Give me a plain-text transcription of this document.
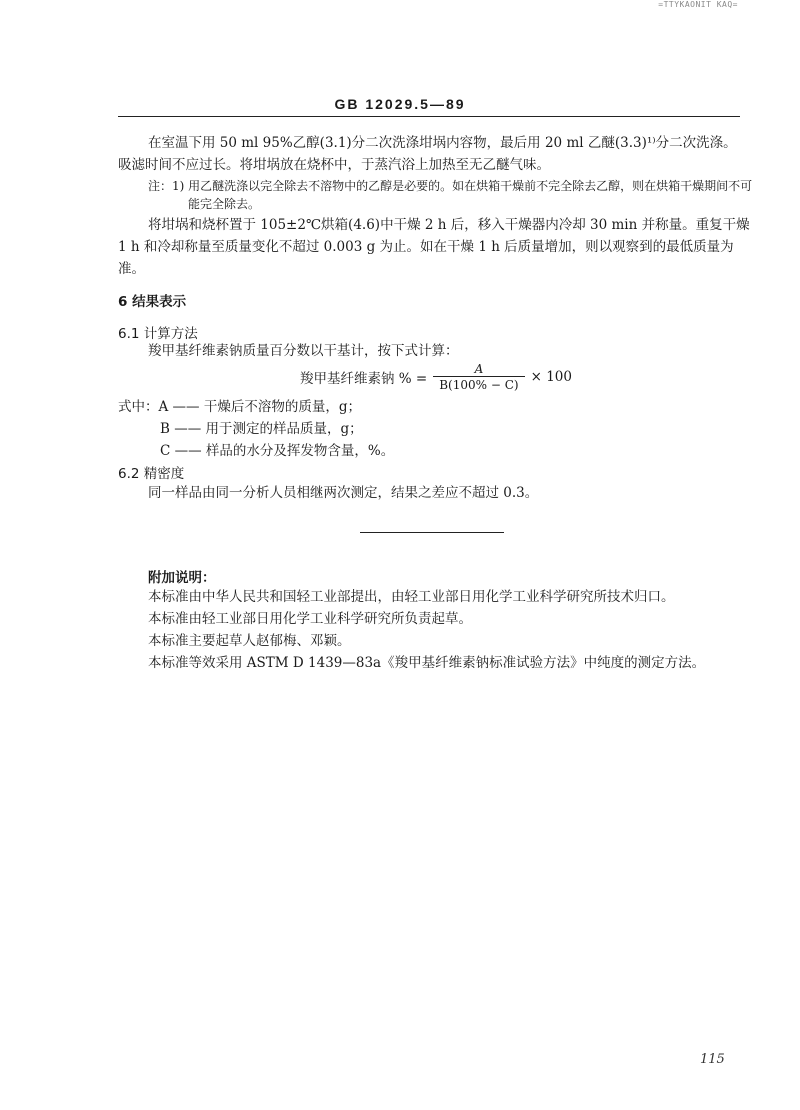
=TTYKAONIT KAQ=
GB 12029.5—89
在室温下用 50 ml 95%乙醇(3.1)分二次洗涤坩埚内容物，最后用 20 ml 乙醚(3.3)¹⁾分二次洗涤。
吸滤时间不应过长。将坩埚放在烧杯中，于蒸汽浴上加热至无乙醚气味。
注：1) 用乙醚洗涤以完全除去不溶物中的乙醇是必要的。如在烘箱干燥前不完全除去乙醇，则在烘箱干燥期间不可
能完全除去。
将坩埚和烧杯置于 105±2℃烘箱(4.6)中干燥 2 h 后，移入干燥器内冷却 30 min 并称量。重复干燥
1 h 和冷却称量至质量变化不超过 0.003 g 为止。如在干燥 1 h 后质量增加，则以观察到的最低质量为
准。
6 结果表示
6.1 计算方法
羧甲基纤维素钠质量百分数以干基计，按下式计算：
羧甲基纤维素钠 % = $\frac{A}{B(100\% - C)} \times 100$
式中：A —— 干燥后不溶物的质量，g；
B —— 用于测定的样品质量，g；
C —— 样品的水分及挥发物含量，%。
6.2 精密度
同一样品由同一分析人员相继两次测定，结果之差应不超过 0.3。
附加说明：
本标准由中华人民共和国轻工业部提出，由轻工业部日用化学工业科学研究所技术归口。
本标准由轻工业部日用化学工业科学研究所负责起草。
本标准主要起草人赵郁梅、邓颖。
本标准等效采用 ASTM D 1439—83a《羧甲基纤维素钠标准试验方法》中纯度的测定方法。
115
